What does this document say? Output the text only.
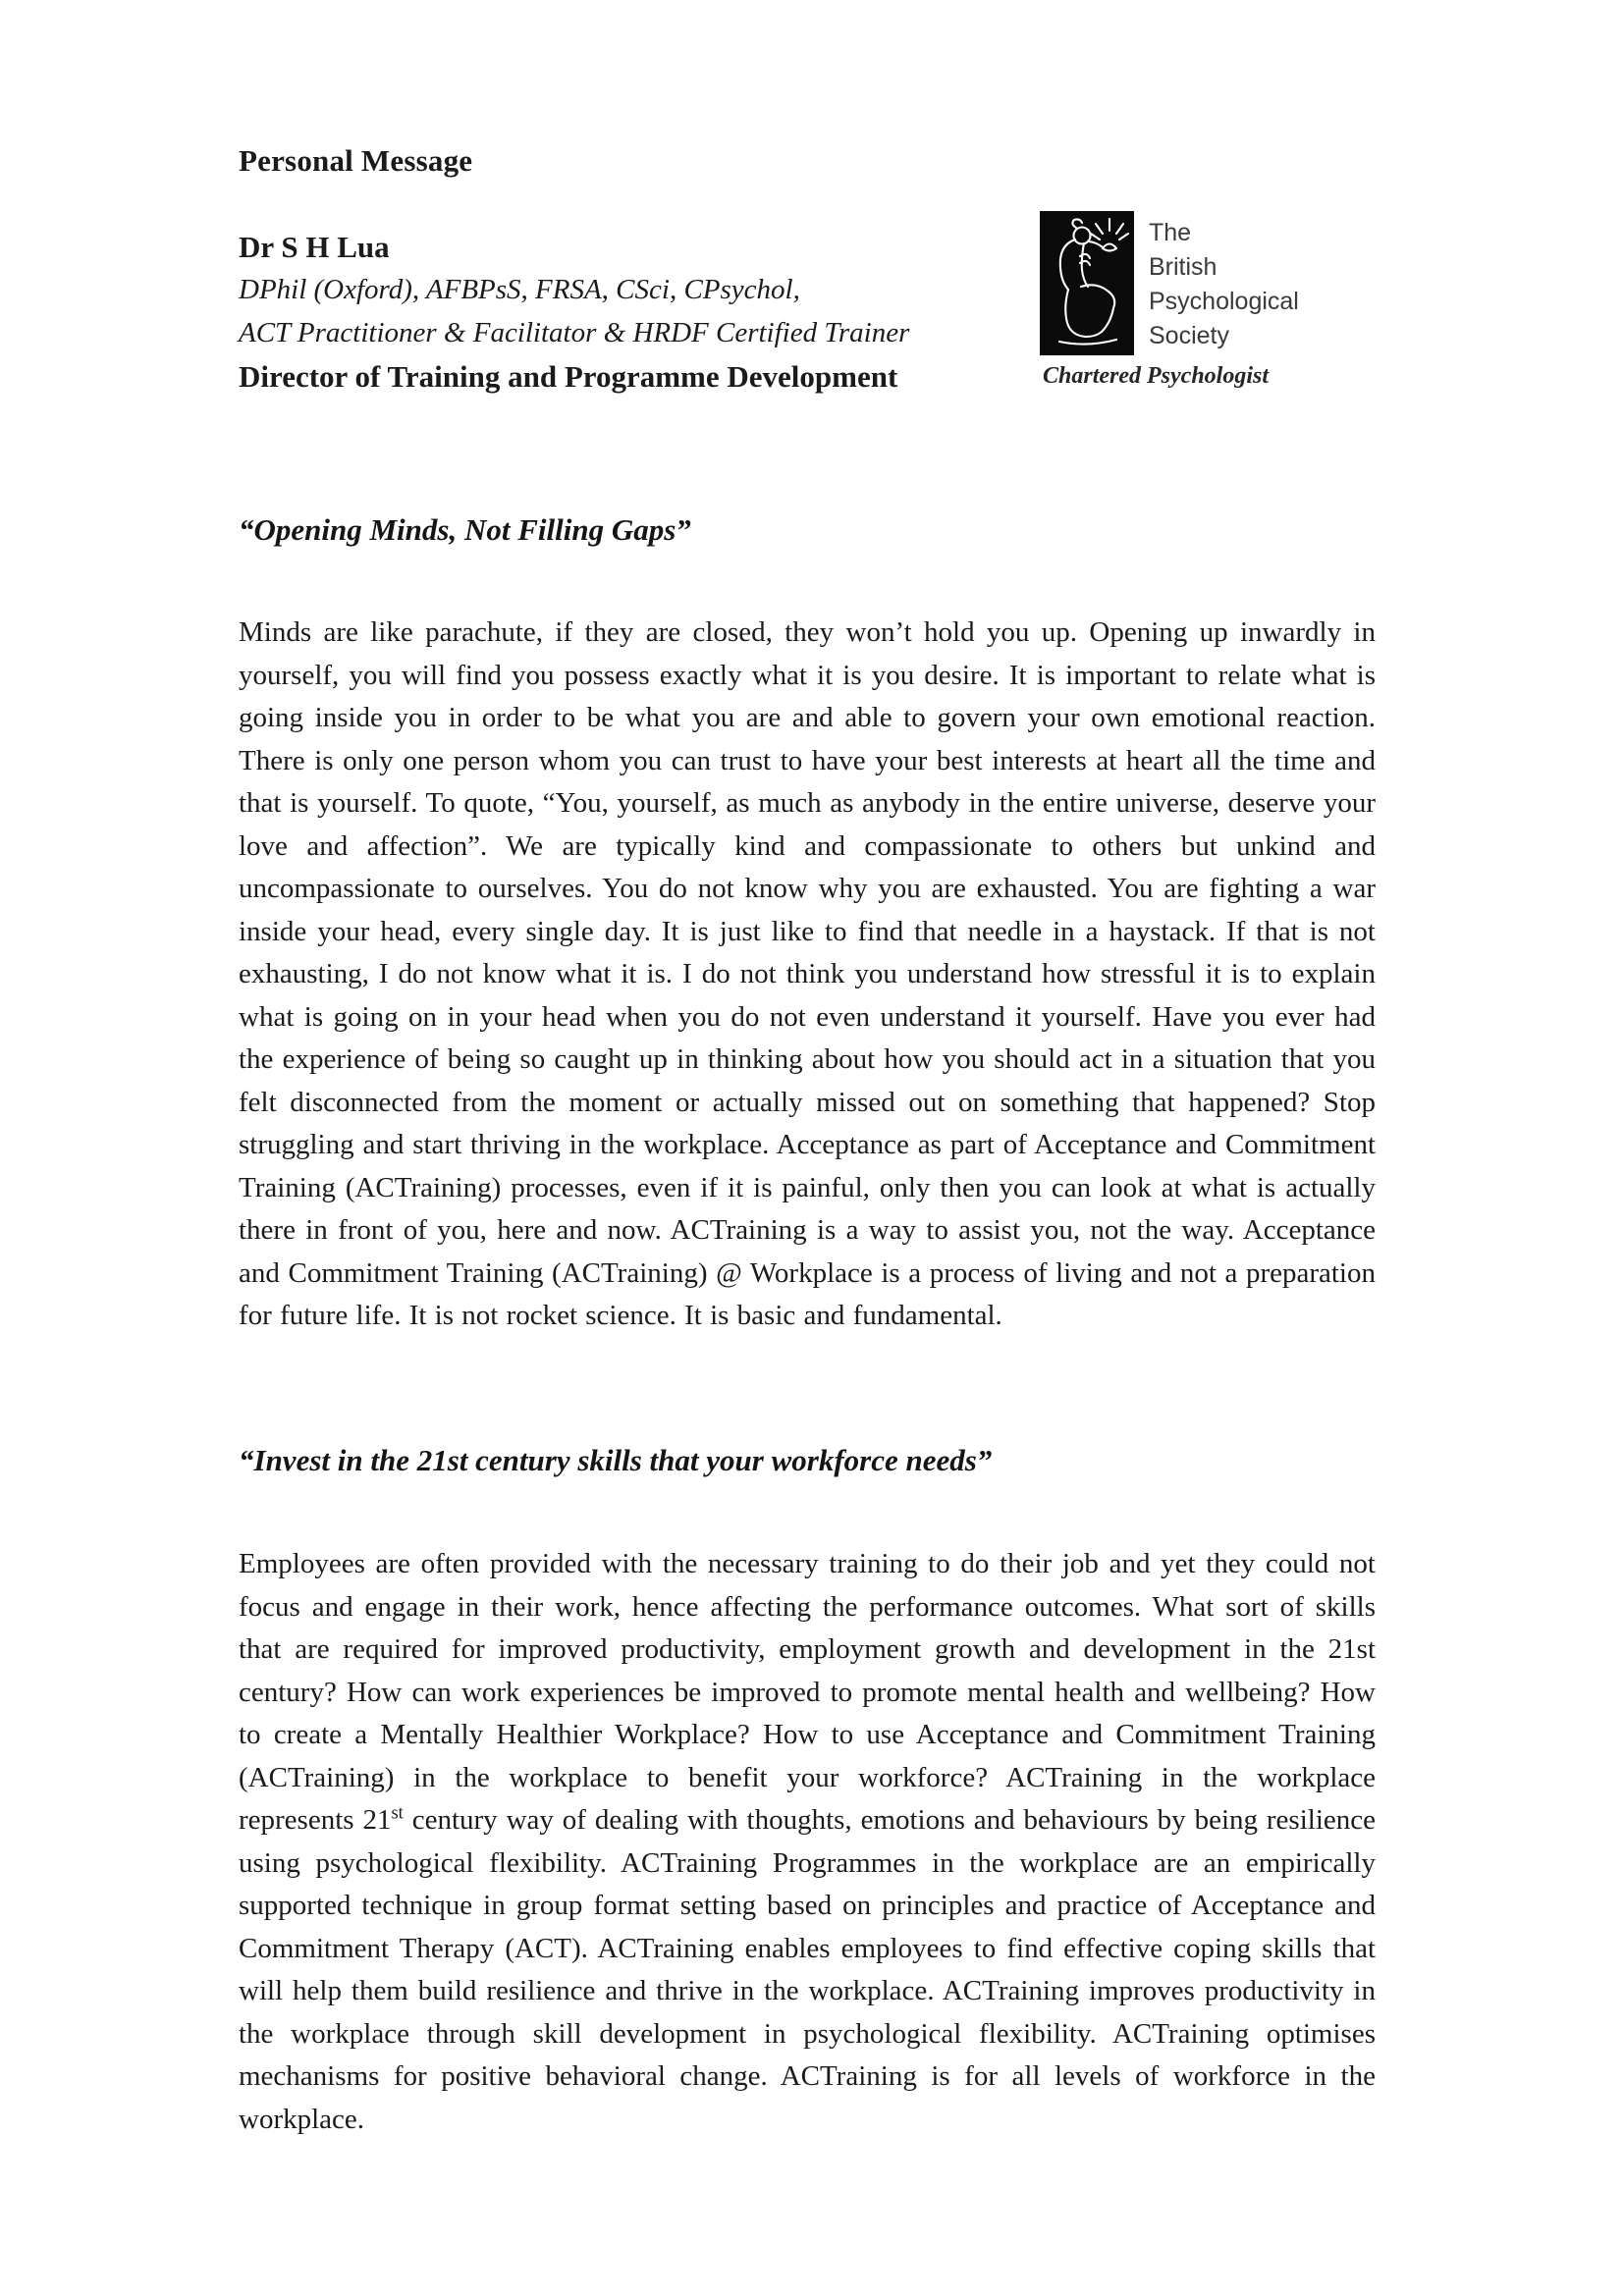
Personal Message
Dr S H Lua
DPhil (Oxford), AFBPsS, FRSA, CSci, CPsychol,
ACT Practitioner & Facilitator & HRDF Certified Trainer
Director of Training and Programme Development
The
British
Psychological
Society
Chartered Psychologist
“Opening Minds, Not Filling Gaps”

Minds are like parachute, if they are closed, they won’t hold you up. Opening up inwardly in yourself, you will find you possess exactly what it is you desire. It is important to relate what is going inside you in order to be what you are and able to govern your own emotional reaction. There is only one person whom you can trust to have your best interests at heart all the time and that is yourself. To quote, “You, yourself, as much as anybody in the entire universe, deserve your love and affection”. We are typically kind and compassionate to others but unkind and uncompassionate to ourselves. You do not know why you are exhausted. You are fighting a war inside your head, every single day. It is just like to find that needle in a haystack. If that is not exhausting, I do not know what it is. I do not think you understand how stressful it is to explain what is going on in your head when you do not even understand it yourself. Have you ever had the experience of being so caught up in thinking about how you should act in a situation that you felt disconnected from the moment or actually missed out on something that happened? Stop struggling and start thriving in the workplace. Acceptance as part of Acceptance and Commitment Training (ACTraining) processes, even if it is painful, only then you can look at what is actually there in front of you, here and now. ACTraining is a way to assist you, not the way. Acceptance and Commitment Training (ACTraining) @ Workplace is a process of living and not a preparation for future life. It is not rocket science. It is basic and fundamental.

“Invest in the 21st century skills that your workforce needs”

Employees are often provided with the necessary training to do their job and yet they could not focus and engage in their work, hence affecting the performance outcomes. What sort of skills that are required for improved productivity, employment growth and development in the 21st century? How can work experiences be improved to promote mental health and wellbeing? How to create a Mentally Healthier Workplace? How to use Acceptance and Commitment Training (ACTraining) in the workplace to benefit your workforce? ACTraining in the workplace represents 21st century way of dealing with thoughts, emotions and behaviours by being resilience using psychological flexibility. ACTraining Programmes in the workplace are an empirically supported technique in group format setting based on principles and practice of Acceptance and Commitment Therapy (ACT). ACTraining enables employees to find effective coping skills that will help them build resilience and thrive in the workplace. ACTraining improves productivity in the workplace through skill development in psychological flexibility. ACTraining optimises mechanisms for positive behavioral change. ACTraining is for all levels of workforce in the workplace.
